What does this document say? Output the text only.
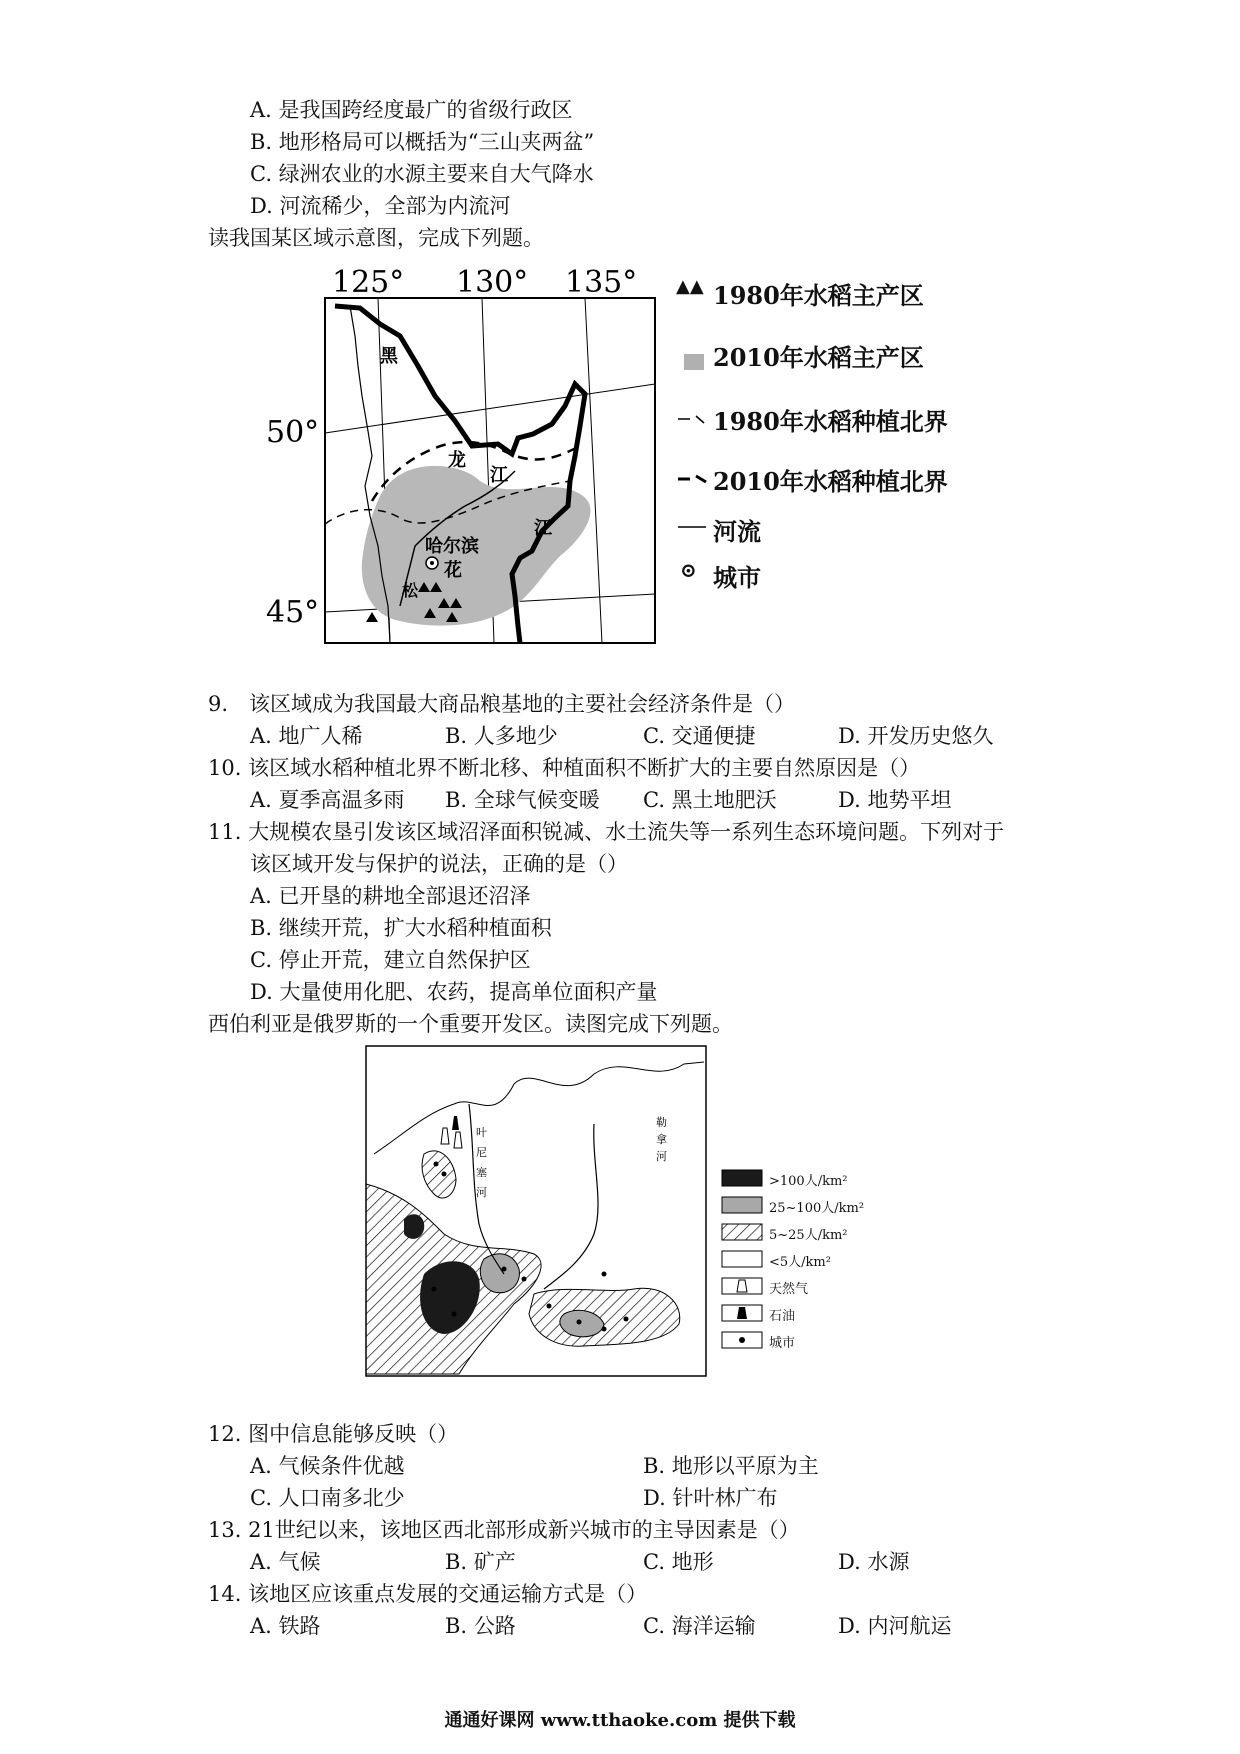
A. 是我国跨经度最广的省级行政区
B. 地形格局可以概括为“三山夹两盆”
C. 绿洲农业的水源主要来自大气降水
D. 河流稀少，全部为内流河
读我国某区域示意图，完成下列题。
125° 130° 135°
50°
45°
黑
龙
江
江
哈尔滨
花
松
▲▲ 1980年水稻主产区
2010年水稻主产区
1980年水稻种植北界
2010年水稻种植北界
河流
⊙ 城市
9.　该区域成为我国最大商品粮基地的主要社会经济条件是（）
A. 地广人稀	B. 人多地少	C. 交通便捷	D. 开发历史悠久
10. 该区域水稻种植北界不断北移、种植面积不断扩大的主要自然原因是（）
A. 夏季高温多雨 B. 全球气候变暖 C. 黑土地肥沃	D. 地势平坦
11. 大规模农垦引发该区域沼泽面积锐减、水土流失等一系列生态环境问题。下列对于
该区域开发与保护的说法，正确的是（）
A. 已开垦的耕地全部退还沼泽
B. 继续开荒，扩大水稻种植面积
C. 停止开荒，建立自然保护区
D. 大量使用化肥、农药，提高单位面积产量
西伯利亚是俄罗斯的一个重要开发区。读图完成下列题。
叶
尼
塞
河
勒
拿
河
>100人/km²
25~100人/km²
5~25人/km²
<5人/km²
天然气
石油
城市
12. 图中信息能够反映（）
A. 气候条件优越	B. 地形以平原为主
C. 人口南多北少	D. 针叶林广布
13. 21世纪以来，该地区西北部形成新兴城市的主导因素是（）
A. 气候	B. 矿产	C. 地形	D. 水源
14. 该地区应该重点发展的交通运输方式是（）
A. 铁路	B. 公路	C. 海洋运输	D. 内河航运
通通好课网 www.tthaoke.com 提供下载
